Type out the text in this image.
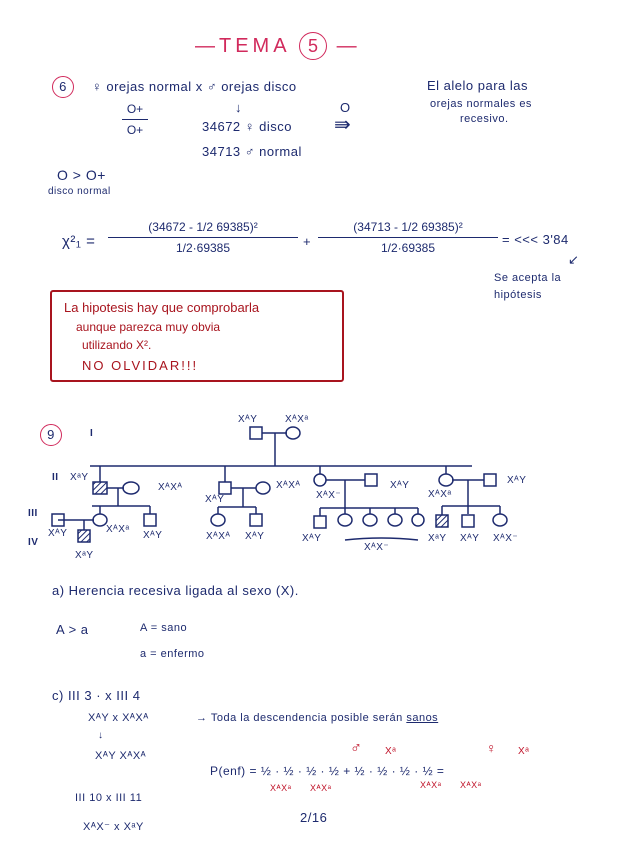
—TEMA 5 —
6	♀ orejas normal x ♂ orejas disco
O+
O+
↓
34672 ♀ disco
34713 ♂ normal
O
⇛
El alelo para las
orejas normales es
recesivo.
O > O+
disco normal
χ²₁ =
(34672 - 1/2 69385)²
1/2·69385	+
(34713 - 1/2 69385)²
1/2·69385
= <<< 3'84
↙
Se acepta la
hipótesis
La hipotesis hay que comprobarla
aunque parezca muy obvia
utilizando X².
NO OLVIDAR!!!
9	I
II
III
IV
XᴬY	XᴬXᵃ
XᵃY
XᴬXᴬ
XᴬY
XᴬXᴬ
XᴬX⁻
XᴬY
XᴬXᵃ
XᴬY
XᴬY	XᴬXᵃ
XᴬY
XᵃY
XᴬXᴬ XᴬY	XᴬY
XᴬX⁻
XᵃY XᴬY XᴬX⁻
a) Herencia recesiva ligada al sexo (X).
A > a	A = sano
a = enfermo
c) III 3 · x III 4
XᴬY x XᴬXᴬ	→ Toda la descendencia posible serán sanos
↓
XᴬY XᴬXᴬ	♂ Xᵃ	♀ Xᵃ
P(enf) = ½ · ½ · ½ · ½ + ½ · ½ · ½ · ½ =
XᴬXᵃ XᴬXᵃ	XᴬXᵃ XᴬXᵃ
III 10 x III 11
XᴬX⁻ x XᵃY
2/16
